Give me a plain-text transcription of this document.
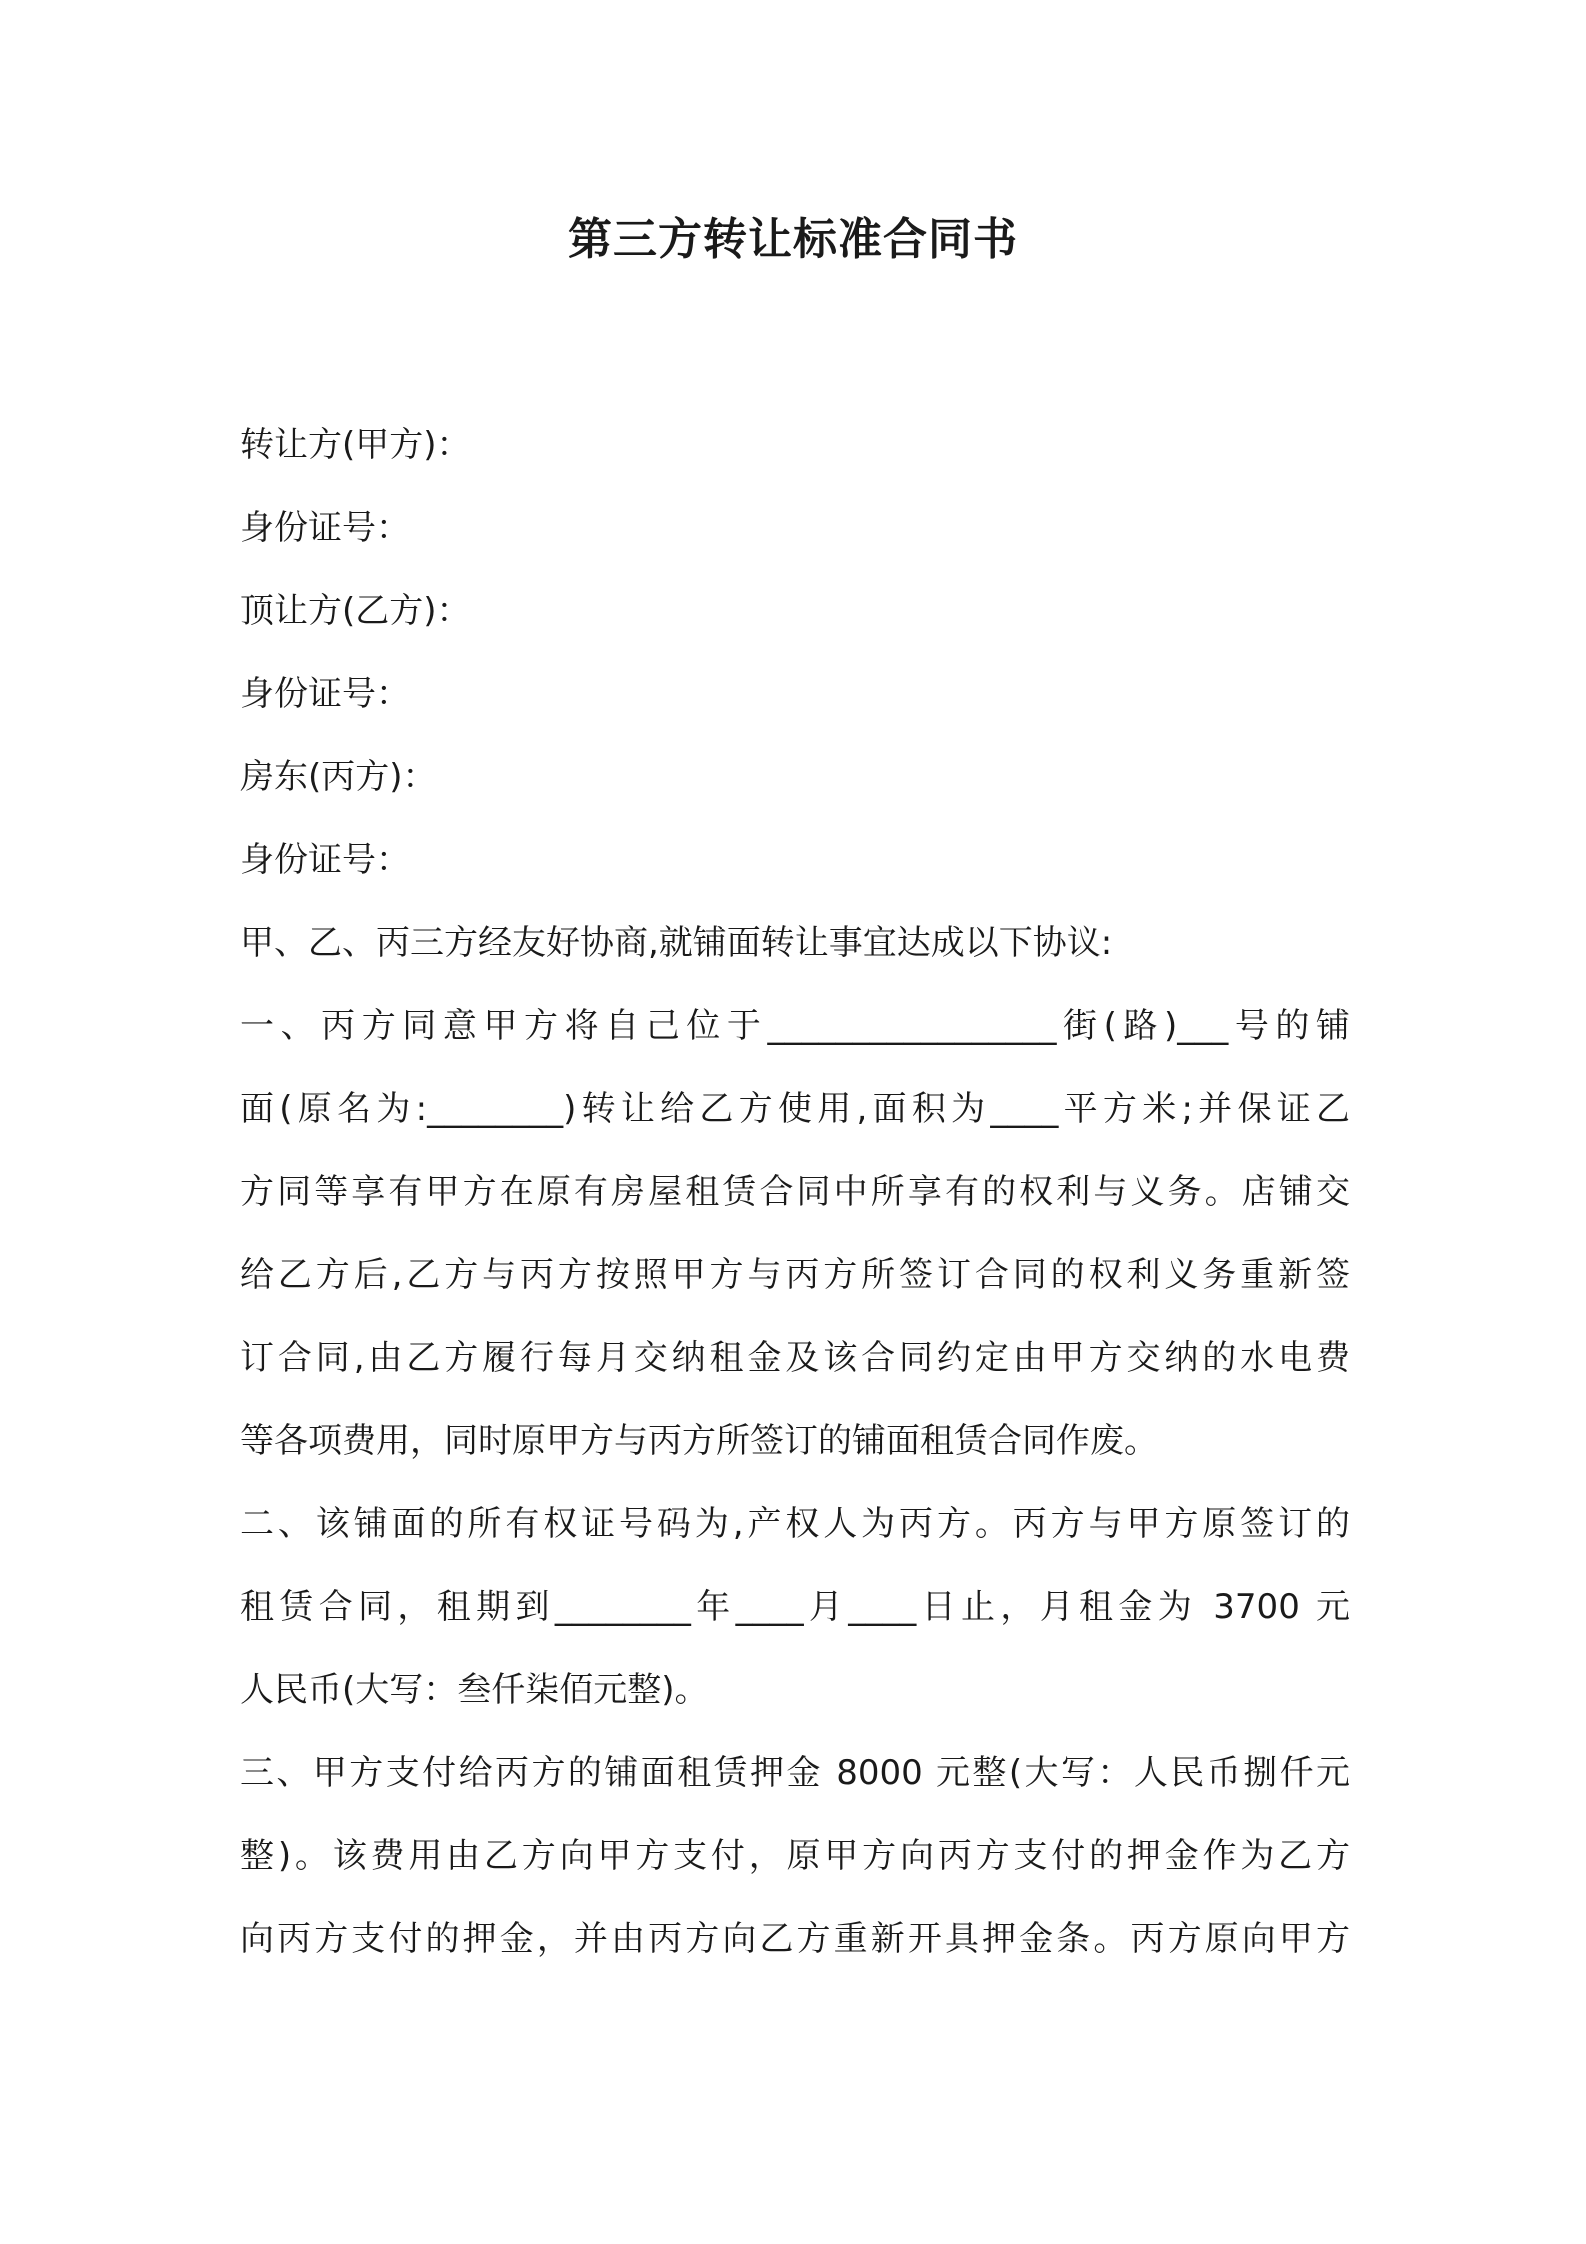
第三方转让标准合同书

转让方(甲方)：

身份证号：

顶让方(乙方)：

身份证号：

房东(丙方)：

身份证号：

甲、乙、丙三方经友好协商,就铺面转让事宜达成以下协议:

一、丙方同意甲方将自己位于_________________街(路)___号的铺

面(原名为:________)转让给乙方使用,面积为____平方米;并保证乙

方同等享有甲方在原有房屋租赁合同中所享有的权利与义务。店铺交

给乙方后,乙方与丙方按照甲方与丙方所签订合同的权利义务重新签

订合同,由乙方履行每月交纳租金及该合同约定由甲方交纳的水电费

等各项费用，同时原甲方与丙方所签订的铺面租赁合同作废。

二、该铺面的所有权证号码为,产权人为丙方。丙方与甲方原签订的

租赁合同，租期到________年____月____日止，月租金为 3700 元

人民币(大写：叁仟柒佰元整)。

三、甲方支付给丙方的铺面租赁押金 8000 元整(大写：人民币捌仟元

整)。该费用由乙方向甲方支付，原甲方向丙方支付的押金作为乙方

向丙方支付的押金，并由丙方向乙方重新开具押金条。丙方原向甲方
